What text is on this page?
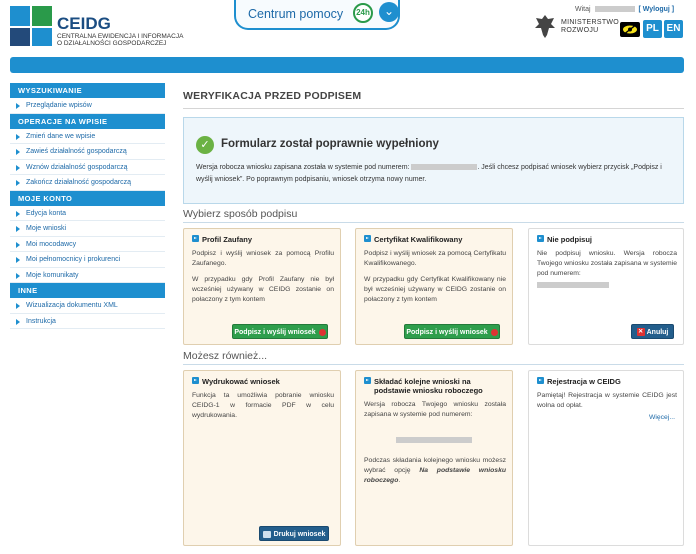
CEIDG
CENTRALNA EWIDENCJA I INFORMACJA O DZIAŁALNOŚCI GOSPODARCZEJ
Centrum pomocy	24h	⌄	Witaj	[ Wyloguj ]
MINISTERSTWO
ROZWOJU	PL EN
WYSZUKIWANIE
Przeglądanie wpisów
OPERACJE NA WPISIE
Zmień dane we wpisie
Zawieś działalność gospodarczą
Wznów działalność gospodarczą
Zakończ działalność gospodarczą
MOJE KONTO
Edycja konta
Moje wnioski
Moi mocodawcy
Moi pełnomocnicy i prokurenci
Moje komunikaty
INNE
Wizualizacja dokumentu XML
Instrukcja
WERYFIKACJA PRZED PODPISEM
✓ Formularz został poprawnie wypełniony
Wersja robocza wniosku zapisana została w systemie pod numerem:	. Jeśli chcesz podpisać wniosek wybierz przycisk „Podpisz i wyślij wniosek”. Po poprawnym podpisaniu, wniosek otrzyma nowy numer.
Wybierz sposób podpisu
Profil Zaufany
Podpisz i wyślij wniosek za pomocą Profilu Zaufanego.
W przypadku gdy Profil Zaufany nie był wcześniej używany w CEIDG zostanie on połaczony z tym kontem
Podpisz i wyślij wniosek
Certyfikat Kwalifikowany
Podpisz i wyślij wniosek za pomocą Certyfikatu Kwalifikowanego.
W przypadku gdy Certyfikat Kwalifikowany nie był wcześniej używany w CEIDG zostanie on połaczony z tym kontem
Podpisz i wyślij wniosek
Nie podpisuj
Nie podpisuj wniosku. Wersja robocza Twojego wniosku została zapisana w systemie pod numerem:
✕ Anuluj
Możesz również...
Wydrukować wniosek
Funkcja ta umożliwia pobranie wniosku CEIDG-1 w formacie PDF w celu wydrukowania.
Drukuj wniosek
Składać kolejne wnioski na
podstawie wniosku roboczego
Wersja robocza Twojego wniosku została zapisana w systemie pod numerem:
Podczas składania kolejnego wniosku możesz wybrać opcję Na podstawie wniosku roboczego.
Rejestracja w CEIDG
Pamiętaj! Rejestracja w systemie CEIDG jest wolna od opłat.
Więcej...
